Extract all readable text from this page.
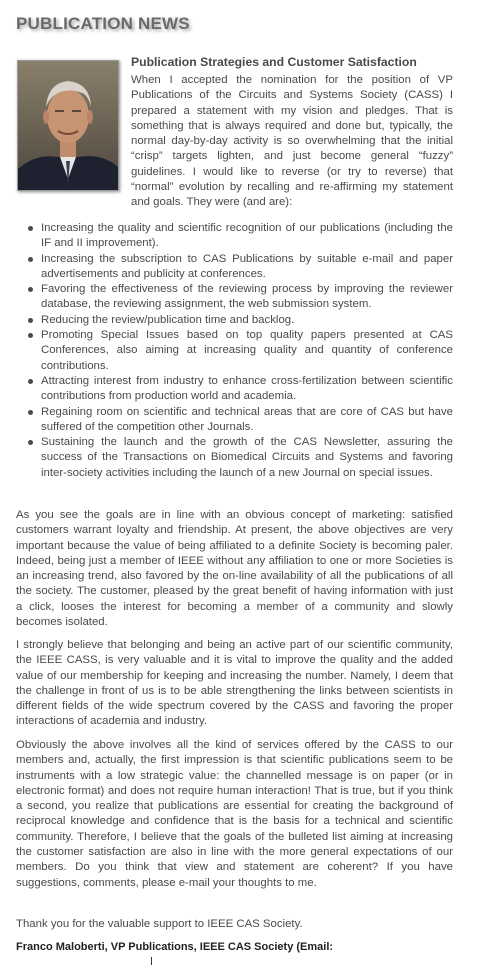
PUBLICATION NEWS
Publication Strategies and Customer Satisfaction

When I accepted the nomination for the position of VP Publications of the Circuits and Systems Society (CASS) I prepared a statement with my vision and pledges. That is something that is always required and done but, typically, the normal day-by-day activity is so overwhelming that the initial “crisp” targets lighten, and just become general “fuzzy” guidelines. I would like to reverse (or try to reverse) that “normal” evolution by recalling and re-affirming my statement and goals. They were (and are):

Increasing the quality and scientific recognition of our publications (including the IF and II improvement).
Increasing the subscription to CAS Publications by suitable e-mail and paper advertisements and publicity at conferences.
Favoring the effectiveness of the reviewing process by improving the reviewer database, the reviewing assignment, the web submission system.
Reducing the review/publication time and backlog.
Promoting Special Issues based on top quality papers presented at CAS Conferences, also aiming at increasing quality and quantity of conference contributions.
Attracting interest from industry to enhance cross-fertilization between scientific contributions from production world and academia.
Regaining room on scientific and technical areas that are core of CAS but have suffered of the competition other Journals.
Sustaining the launch and the growth of the CAS Newsletter, assuring the success of the Transactions on Biomedical Circuits and Systems and favoring inter-society activities including the launch of a new Journal on special issues.

As you see the goals are in line with an obvious concept of marketing: satisfied customers warrant loyalty and friendship. At present, the above objectives are very important because the value of being affiliated to a definite Society is becoming paler. Indeed, being just a member of IEEE without any affiliation to one or more Societies is an increasing trend, also favored by the on-line availability of all the publications of all the society. The customer, pleased by the great benefit of having information with just a click, looses the interest for becoming a member of a community and slowly becomes isolated.

I strongly believe that belonging and being an active part of our scientific community, the IEEE CASS, is very valuable and it is vital to improve the quality and the added value of our membership for keeping and increasing the number. Namely, I deem that the challenge in front of us is to be able strengthening the links between scientists in different fields of the wide spectrum covered by the CASS and favoring the proper interactions of academia and industry.

Obviously the above involves all the kind of services offered by the CASS to our members and, actually, the first impression is that scientific publications seem to be instruments with a low strategic value: the channelled message is on paper (or in electronic format) and does not require human interaction! That is true, but if you think a second, you realize that publications are essential for creating the background of reciprocal knowledge and confidence that is the basis for a technical and scientific community. Therefore, I believe that the goals of the bulleted list aiming at increasing the customer satisfaction are also in line with the more general expectations of our members. Do you think that view and statement are coherent? If you have suggestions, comments, please e-mail your thoughts to me.

Thank you for the valuable support to IEEE CAS Society.

Franco Maloberti, VP Publications, IEEE CAS Society (Email:
